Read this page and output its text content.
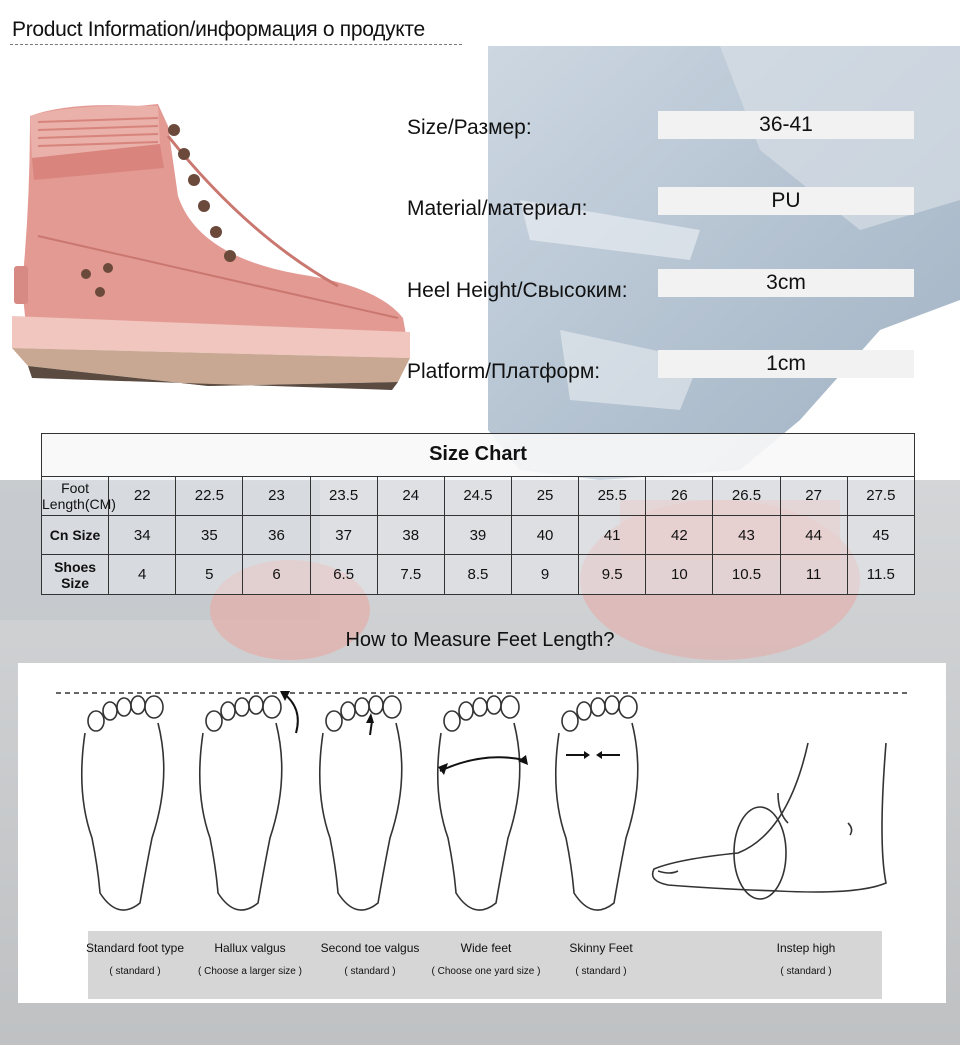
Product Information/информация о продукте
Size/Размер:	36-41
Material/материал:	PU
Heel Height/Свысоким:	3cm
Platform/Платформ:	1cm
Size Chart												
Foot Length(CM)	22	22.5	23	23.5	24	24.5	25	25.5	26	26.5	27	27.5
Cn Size	34	35	36	37	38	39	40	41	42	43	44	45
Shoes Size	4	5	6	6.5	7.5	8.5	9	9.5	10	10.5	11	11.5
How to Measure Feet Length?
Standard foot type
( standard )
Hallux valgus
( Choose a larger size )
Second toe valgus
( standard )
Wide feet
( Choose one yard size )
Skinny Feet
( standard )
Instep high
( standard )
